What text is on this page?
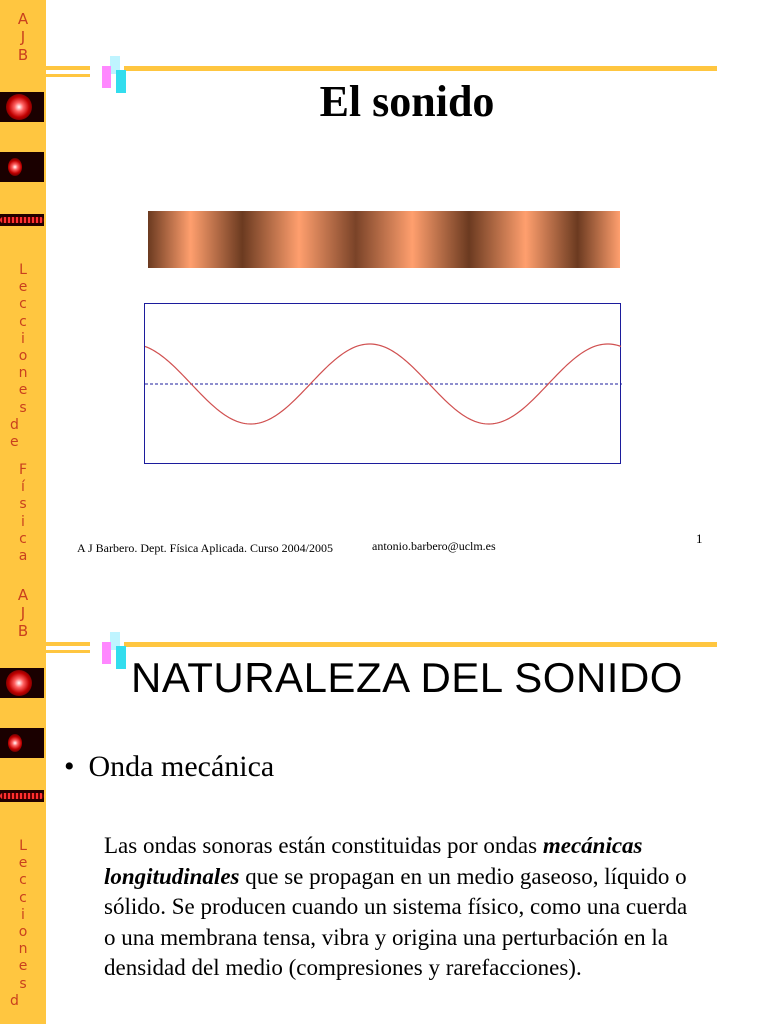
A
J
B
L
e
c
c
i
o
n
e
s
d
e
F
í
s
i
c
a
El sonido
A J Barbero. Dept. Física Aplicada. Curso 2004/2005	antonio.barbero@uclm.es	1
A
J
B
L
e
c
c
i
o
n
e
s
d
NATURALEZA DEL SONIDO
• Onda mecánica
Las ondas sonoras están constituidas por ondas mecánicas longitudinales que se propagan en un medio gaseoso, líquido o sólido. Se producen cuando un sistema físico, como una cuerda o una membrana tensa, vibra y origina una perturbación en la densidad del medio (compresiones y rarefacciones).
